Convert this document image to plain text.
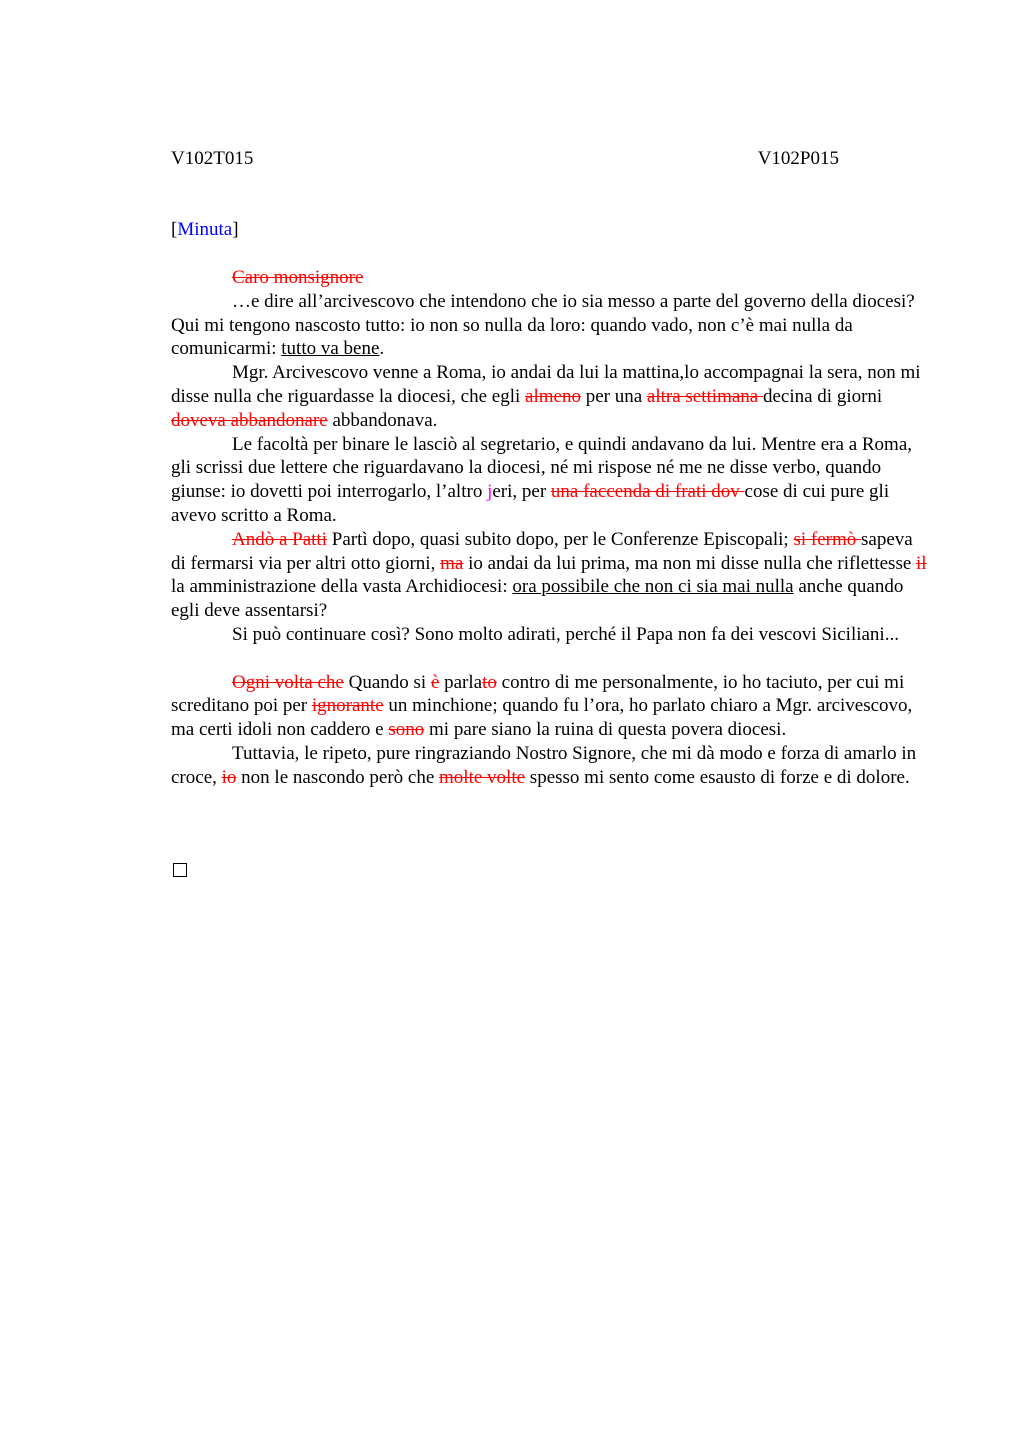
V102T015	V102P015
[Minuta]

Caro monsignore

…e dire all’arcivescovo che intendono che io sia messo a parte del governo della diocesi? Qui mi tengono nascosto tutto: io non so nulla da loro: quando vado, non c’è mai nulla da comunicarmi: tutto va bene.

Mgr. Arcivescovo venne a Roma, io andai da lui la mattina,lo accompagnai la sera, non mi disse nulla che riguardasse la diocesi, che egli almeno per una altra settimana decina di giorni doveva abbandonare abbandonava.

Le facoltà per binare le lasciò al segretario, e quindi andavano da lui. Mentre era a Roma, gli scrissi due lettere che riguardavano la diocesi, né mi rispose né me ne disse verbo, quando giunse: io dovetti poi interrogarlo, l’altro jeri, per una faccenda di frati dov cose di cui pure gli avevo scritto a Roma.

Andò a Patti Partì dopo, quasi subito dopo, per le Conferenze Episcopali; si fermò sapeva di fermarsi via per altri otto giorni, ma io andai da lui prima, ma non mi disse nulla che riflettesse il la amministrazione della vasta Archidiocesi: ora possibile che non ci sia mai nulla anche quando egli deve assentarsi?

Si può continuare così? Sono molto adirati, perché il Papa non fa dei vescovi Siciliani...

Ogni volta che Quando si è parlato contro di me personalmente, io ho taciuto, per cui mi screditano poi per ignorante un minchione; quando fu l’ora, ho parlato chiaro a Mgr. arcivescovo, ma certi idoli non caddero e sono mi pare siano la ruina di questa povera diocesi.

Tuttavia, le ripeto, pure ringraziando Nostro Signore, che mi dà modo e forza di amarlo in croce, io non le nascondo però che molte volte spesso mi sento come esausto di forze e di dolore.
